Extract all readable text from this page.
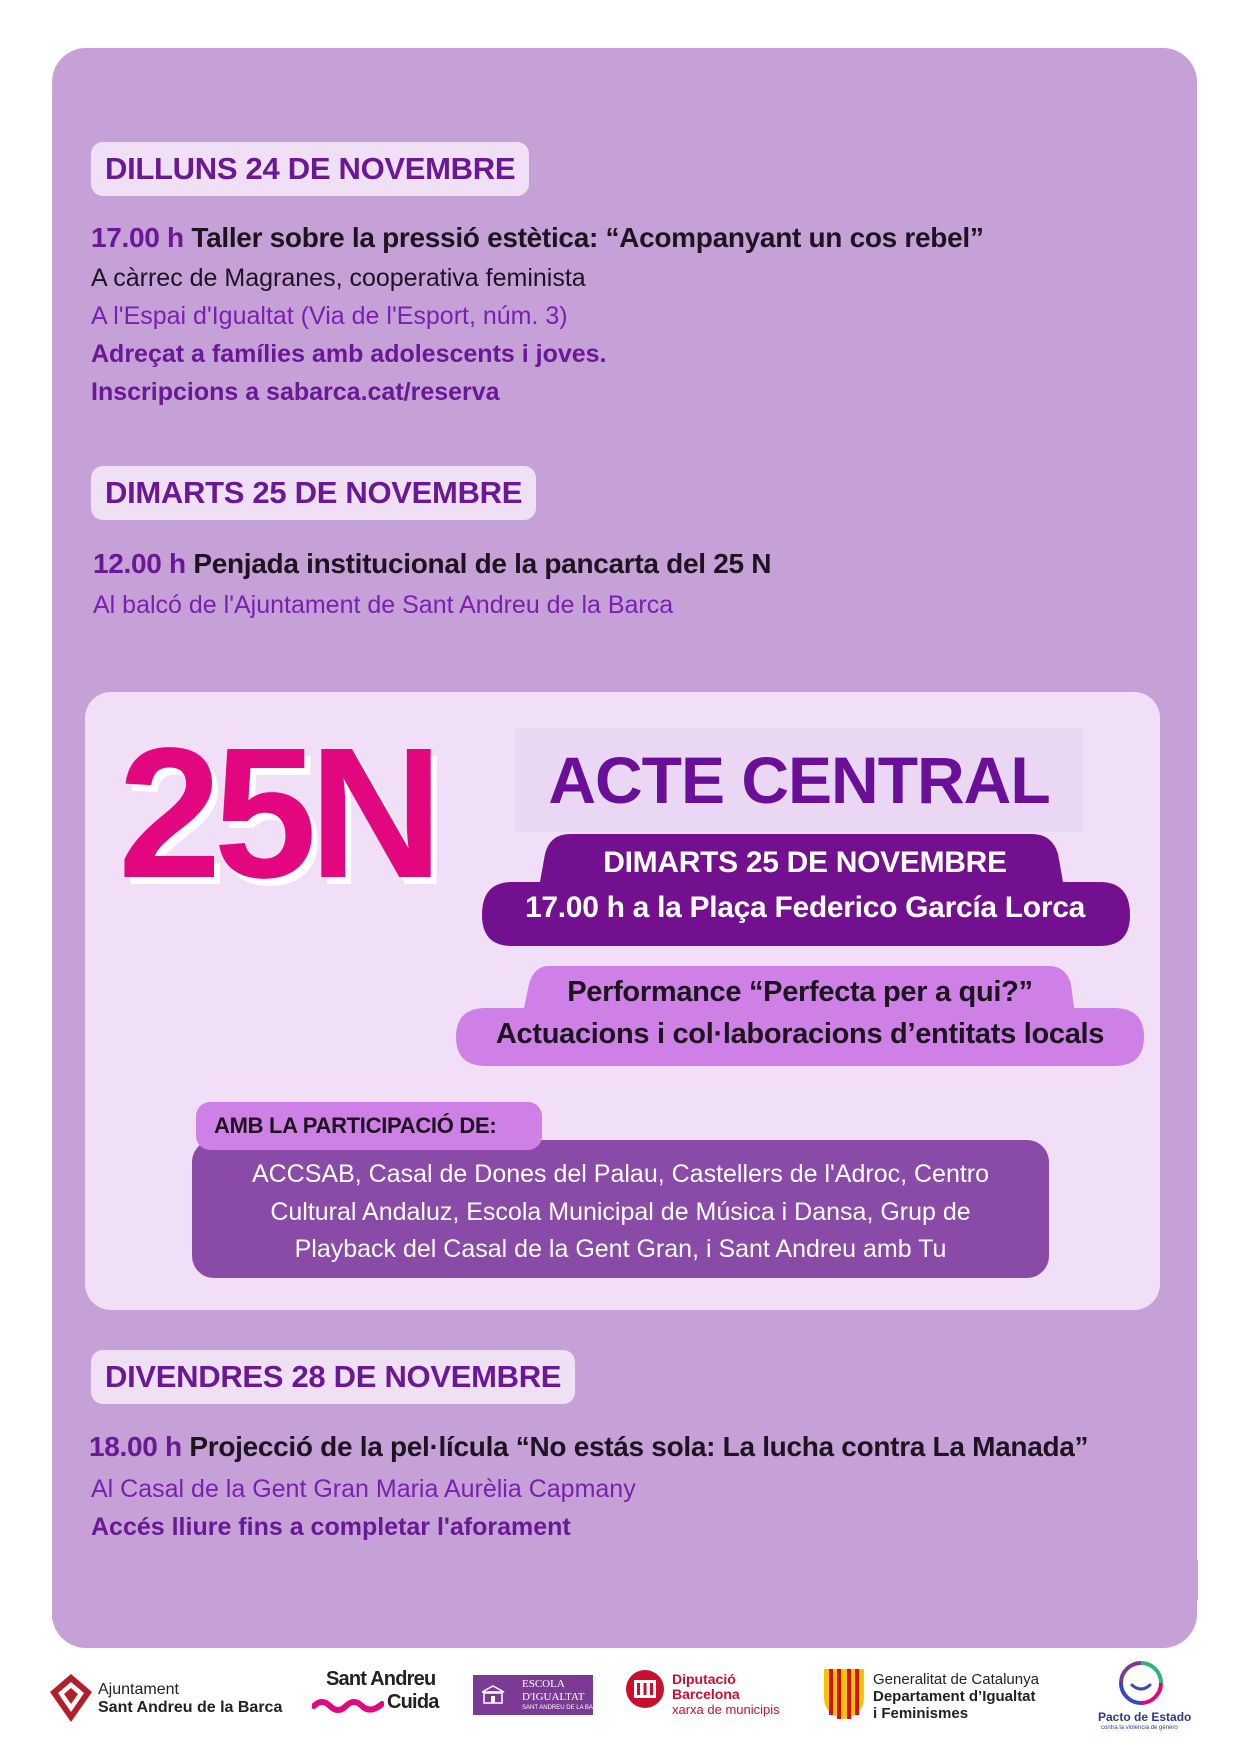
DILLUNS 24 DE NOVEMBRE
17.00 h Taller sobre la pressió estètica: “Acompanyant un cos rebel”
A càrrec de Magranes, cooperativa feminista
A l'Espai d'Igualtat (Via de l'Esport, núm. 3)
Adreçat a famílies amb adolescents i joves.
Inscripcions a sabarca.cat/reserva
DIMARTS 25 DE NOVEMBRE
12.00 h Penjada institucional de la pancarta del 25 N
Al balcó de l'Ajuntament de Sant Andreu de la Barca
25N	ACTE CENTRAL
DIMARTS 25 DE NOVEMBRE
17.00 h a la Plaça Federico García Lorca
Performance “Perfecta per a qui?”
Actuacions i col·laboracions d’entitats locals
AMB LA PARTICIPACIÓ DE:
ACCSAB, Casal de Dones del Palau, Castellers de l'Adroc, Centro
Cultural Andaluz, Escola Municipal de Música i Dansa, Grup de
Playback del Casal de la Gent Gran, i Sant Andreu amb Tu
DIVENDRES 28 DE NOVEMBRE
18.00 h Projecció de la pel·lícula “No estás sola: La lucha contra La Manada”
Al Casal de la Gent Gran Maria Aurèlia Capmany
Accés lliure fins a completar l'aforament
Ajuntament
Sant Andreu de la Barca
Sant Andreu
Cuida
ESCOLA
D'IGUALTAT
SANT ANDREU DE LA BARCA
Diputació
Barcelona
xarxa de municipis
Generalitat de Catalunya
Departament d’Igualtat
i Feminismes	Pacto de Estado
contra la violencia de género
